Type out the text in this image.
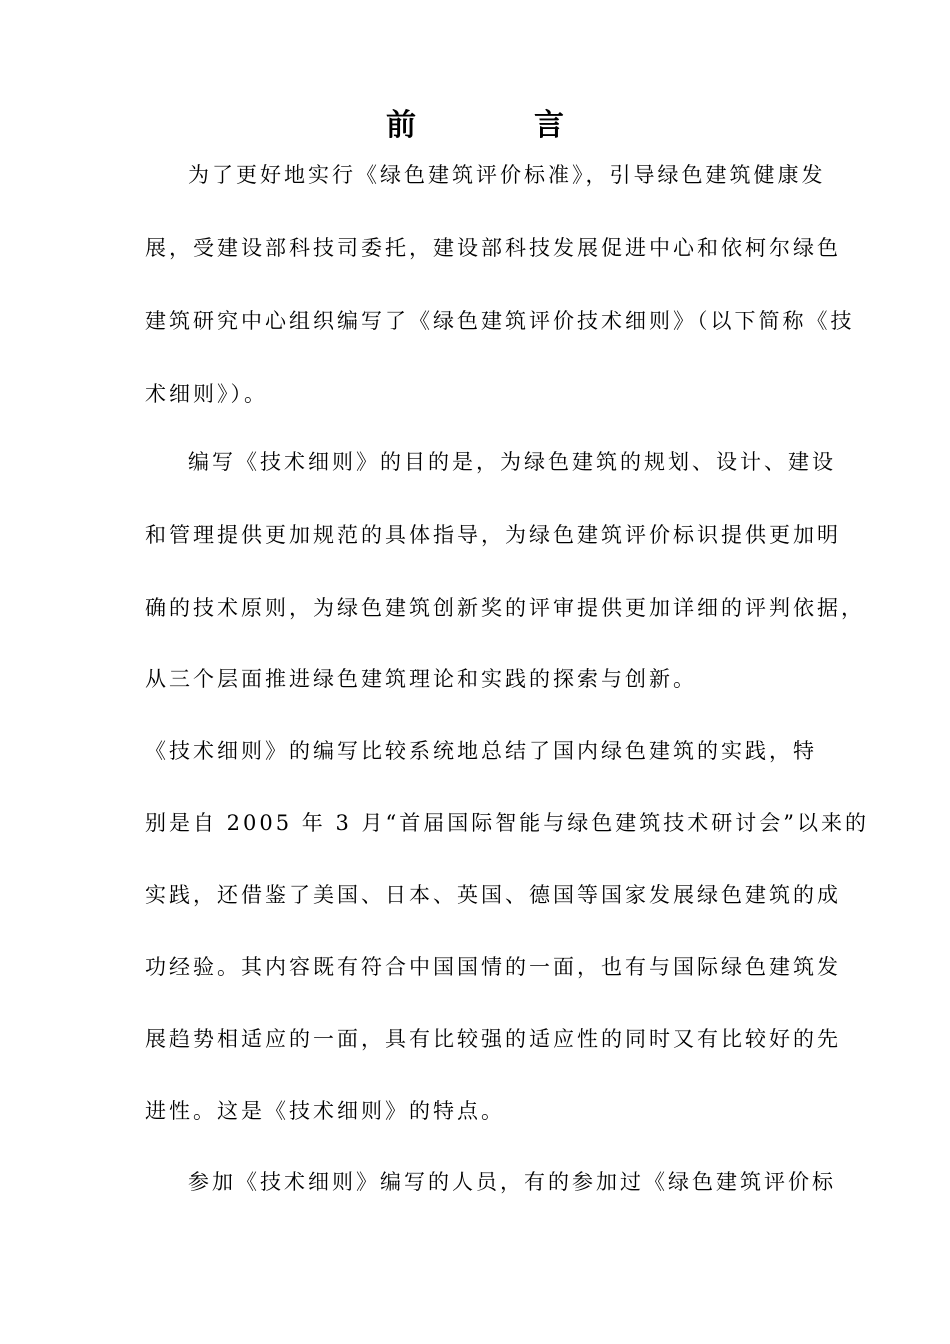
前　言
为了更好地实行《绿色建筑评价标准》，引导绿色建筑健康发
展，受建设部科技司委托，建设部科技发展促进中心和依柯尔绿色
建筑研究中心组织编写了《绿色建筑评价技术细则》（以下简称《技
术细则》）。
编写《技术细则》的目的是，为绿色建筑的规划、设计、建设
和管理提供更加规范的具体指导，为绿色建筑评价标识提供更加明
确的技术原则，为绿色建筑创新奖的评审提供更加详细的评判依据，
从三个层面推进绿色建筑理论和实践的探索与创新。
《技术细则》的编写比较系统地总结了国内绿色建筑的实践，特
别是自 2005 年 3 月“首届国际智能与绿色建筑技术研讨会”以来的
实践，还借鉴了美国、日本、英国、德国等国家发展绿色建筑的成
功经验。其内容既有符合中国国情的一面，也有与国际绿色建筑发
展趋势相适应的一面，具有比较强的适应性的同时又有比较好的先
进性。这是《技术细则》的特点。
参加《技术细则》编写的人员，有的参加过《绿色建筑评价标
